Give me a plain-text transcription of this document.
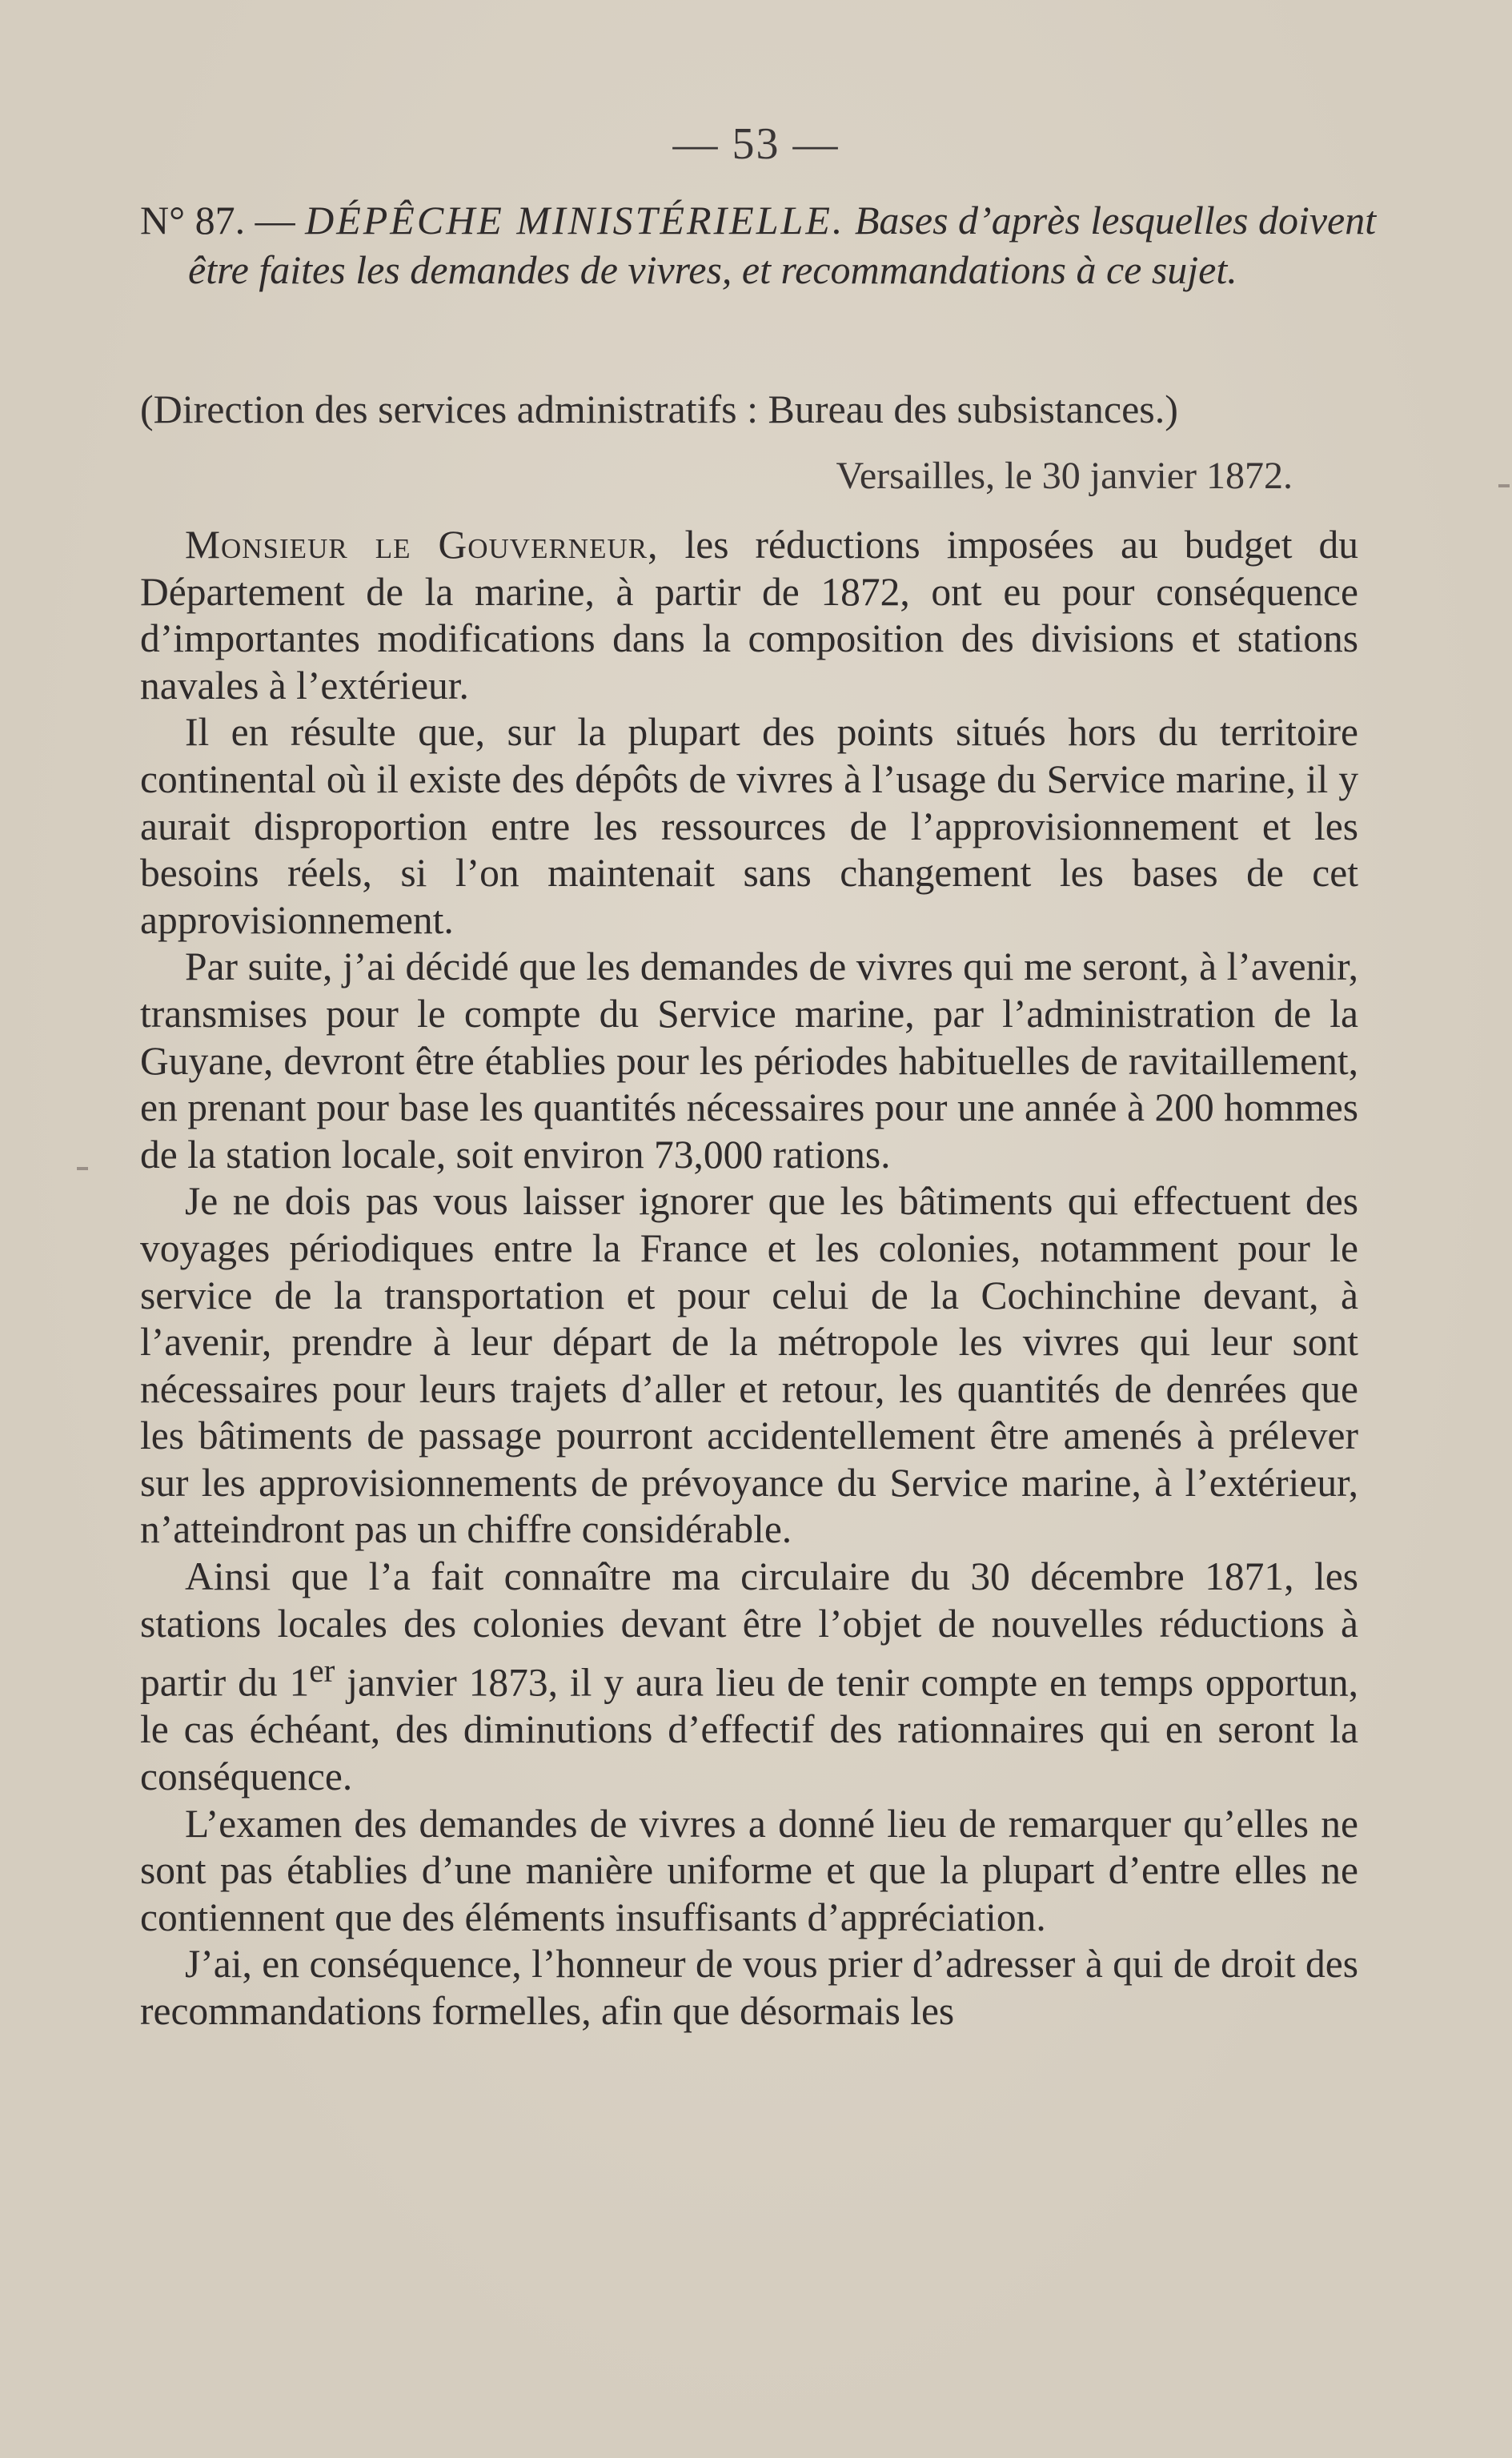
— 53 —
N° 87. — DÉPÊCHE MINISTÉRIELLE. Bases d’après lesquelles doivent être faites les demandes de vivres, et recommandations à ce sujet.
(Direction des services administratifs : Bureau des subsistances.)
Versailles, le 30 janvier 1872.

Monsieur le Gouverneur, les réductions imposées au budget du Département de la marine, à partir de 1872, ont eu pour conséquence d’importantes modifications dans la composition des divisions et stations navales à l’extérieur.

Il en résulte que, sur la plupart des points situés hors du territoire continental où il existe des dépôts de vivres à l’usage du Service marine, il y aurait disproportion entre les ressources de l’approvisionnement et les besoins réels, si l’on maintenait sans changement les bases de cet approvisionnement.

Par suite, j’ai décidé que les demandes de vivres qui me seront, à l’avenir, transmises pour le compte du Service marine, par l’administration de la Guyane, devront être établies pour les périodes habituelles de ravitaillement, en prenant pour base les quantités nécessaires pour une année à 200 hommes de la station locale, soit environ 73,000 rations.

Je ne dois pas vous laisser ignorer que les bâtiments qui effectuent des voyages périodiques entre la France et les colonies, notamment pour le service de la transportation et pour celui de la Cochinchine devant, à l’avenir, prendre à leur départ de la métropole les vivres qui leur sont nécessaires pour leurs trajets d’aller et retour, les quantités de denrées que les bâtiments de passage pourront accidentellement être amenés à prélever sur les approvisionnements de prévoyance du Service marine, à l’extérieur, n’atteindront pas un chiffre considérable.

Ainsi que l’a fait connaître ma circulaire du 30 décembre 1871, les stations locales des colonies devant être l’objet de nouvelles réductions à partir du 1er janvier 1873, il y aura lieu de tenir compte en temps opportun, le cas échéant, des diminutions d’effectif des rationnaires qui en seront la conséquence.

L’examen des demandes de vivres a donné lieu de remarquer qu’elles ne sont pas établies d’une manière uniforme et que la plupart d’entre elles ne contiennent que des éléments insuffisants d’appréciation.

J’ai, en conséquence, l’honneur de vous prier d’adresser à qui de droit des recommandations formelles, afin que désormais les
